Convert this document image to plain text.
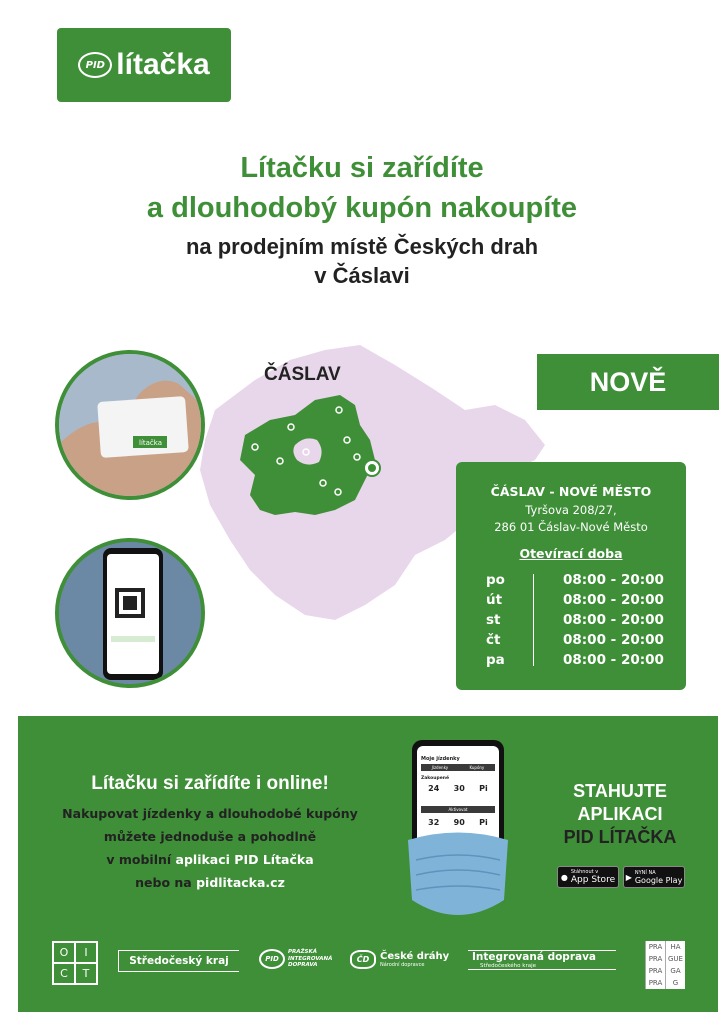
PID lítačka
Lítačku si zařídíte
a dlouhodobý kupón nakoupíte
na prodejním místě Českých drah
v Čáslavi
ČÁSLAV
lítačka
NOVĚ
ČÁSLAV - NOVÉ MĚSTO
Tyršova 208/27,
286 01 Čáslav-Nové Město
Otevírací doba
po	08:00 - 20:00
út	08:00 - 20:00
st	08:00 - 20:00
čt	08:00 - 20:00
pa	08:00 - 20:00
Lítačku si zařídíte i online!
Nakupovat jízdenky a dlouhodobé kupóny
můžete jednoduše a pohodlně
v mobilní aplikaci PID Lítačka
nebo na pidlitacka.cz
Moje jízdenky
Jízdenky	Kupóny
Zakoupené
24 30 Pi
Aktivovat
32 90 Pi
STAHUJTE
APLIKACI
PID LÍTAČKA
●
Stáhnout v
App Store ▶ NYNÍ NA
Google Play
O	I
C	T
Středočeský kraj	PID
PRAŽSKÁ
INTEGROVANÁ
DOPRAVA
ČD	České dráhy
Národní dopravce
Integrovaná doprava
Středočeského kraje
PRA	HA
PRA GUE
PRA	GA
PRA	G
